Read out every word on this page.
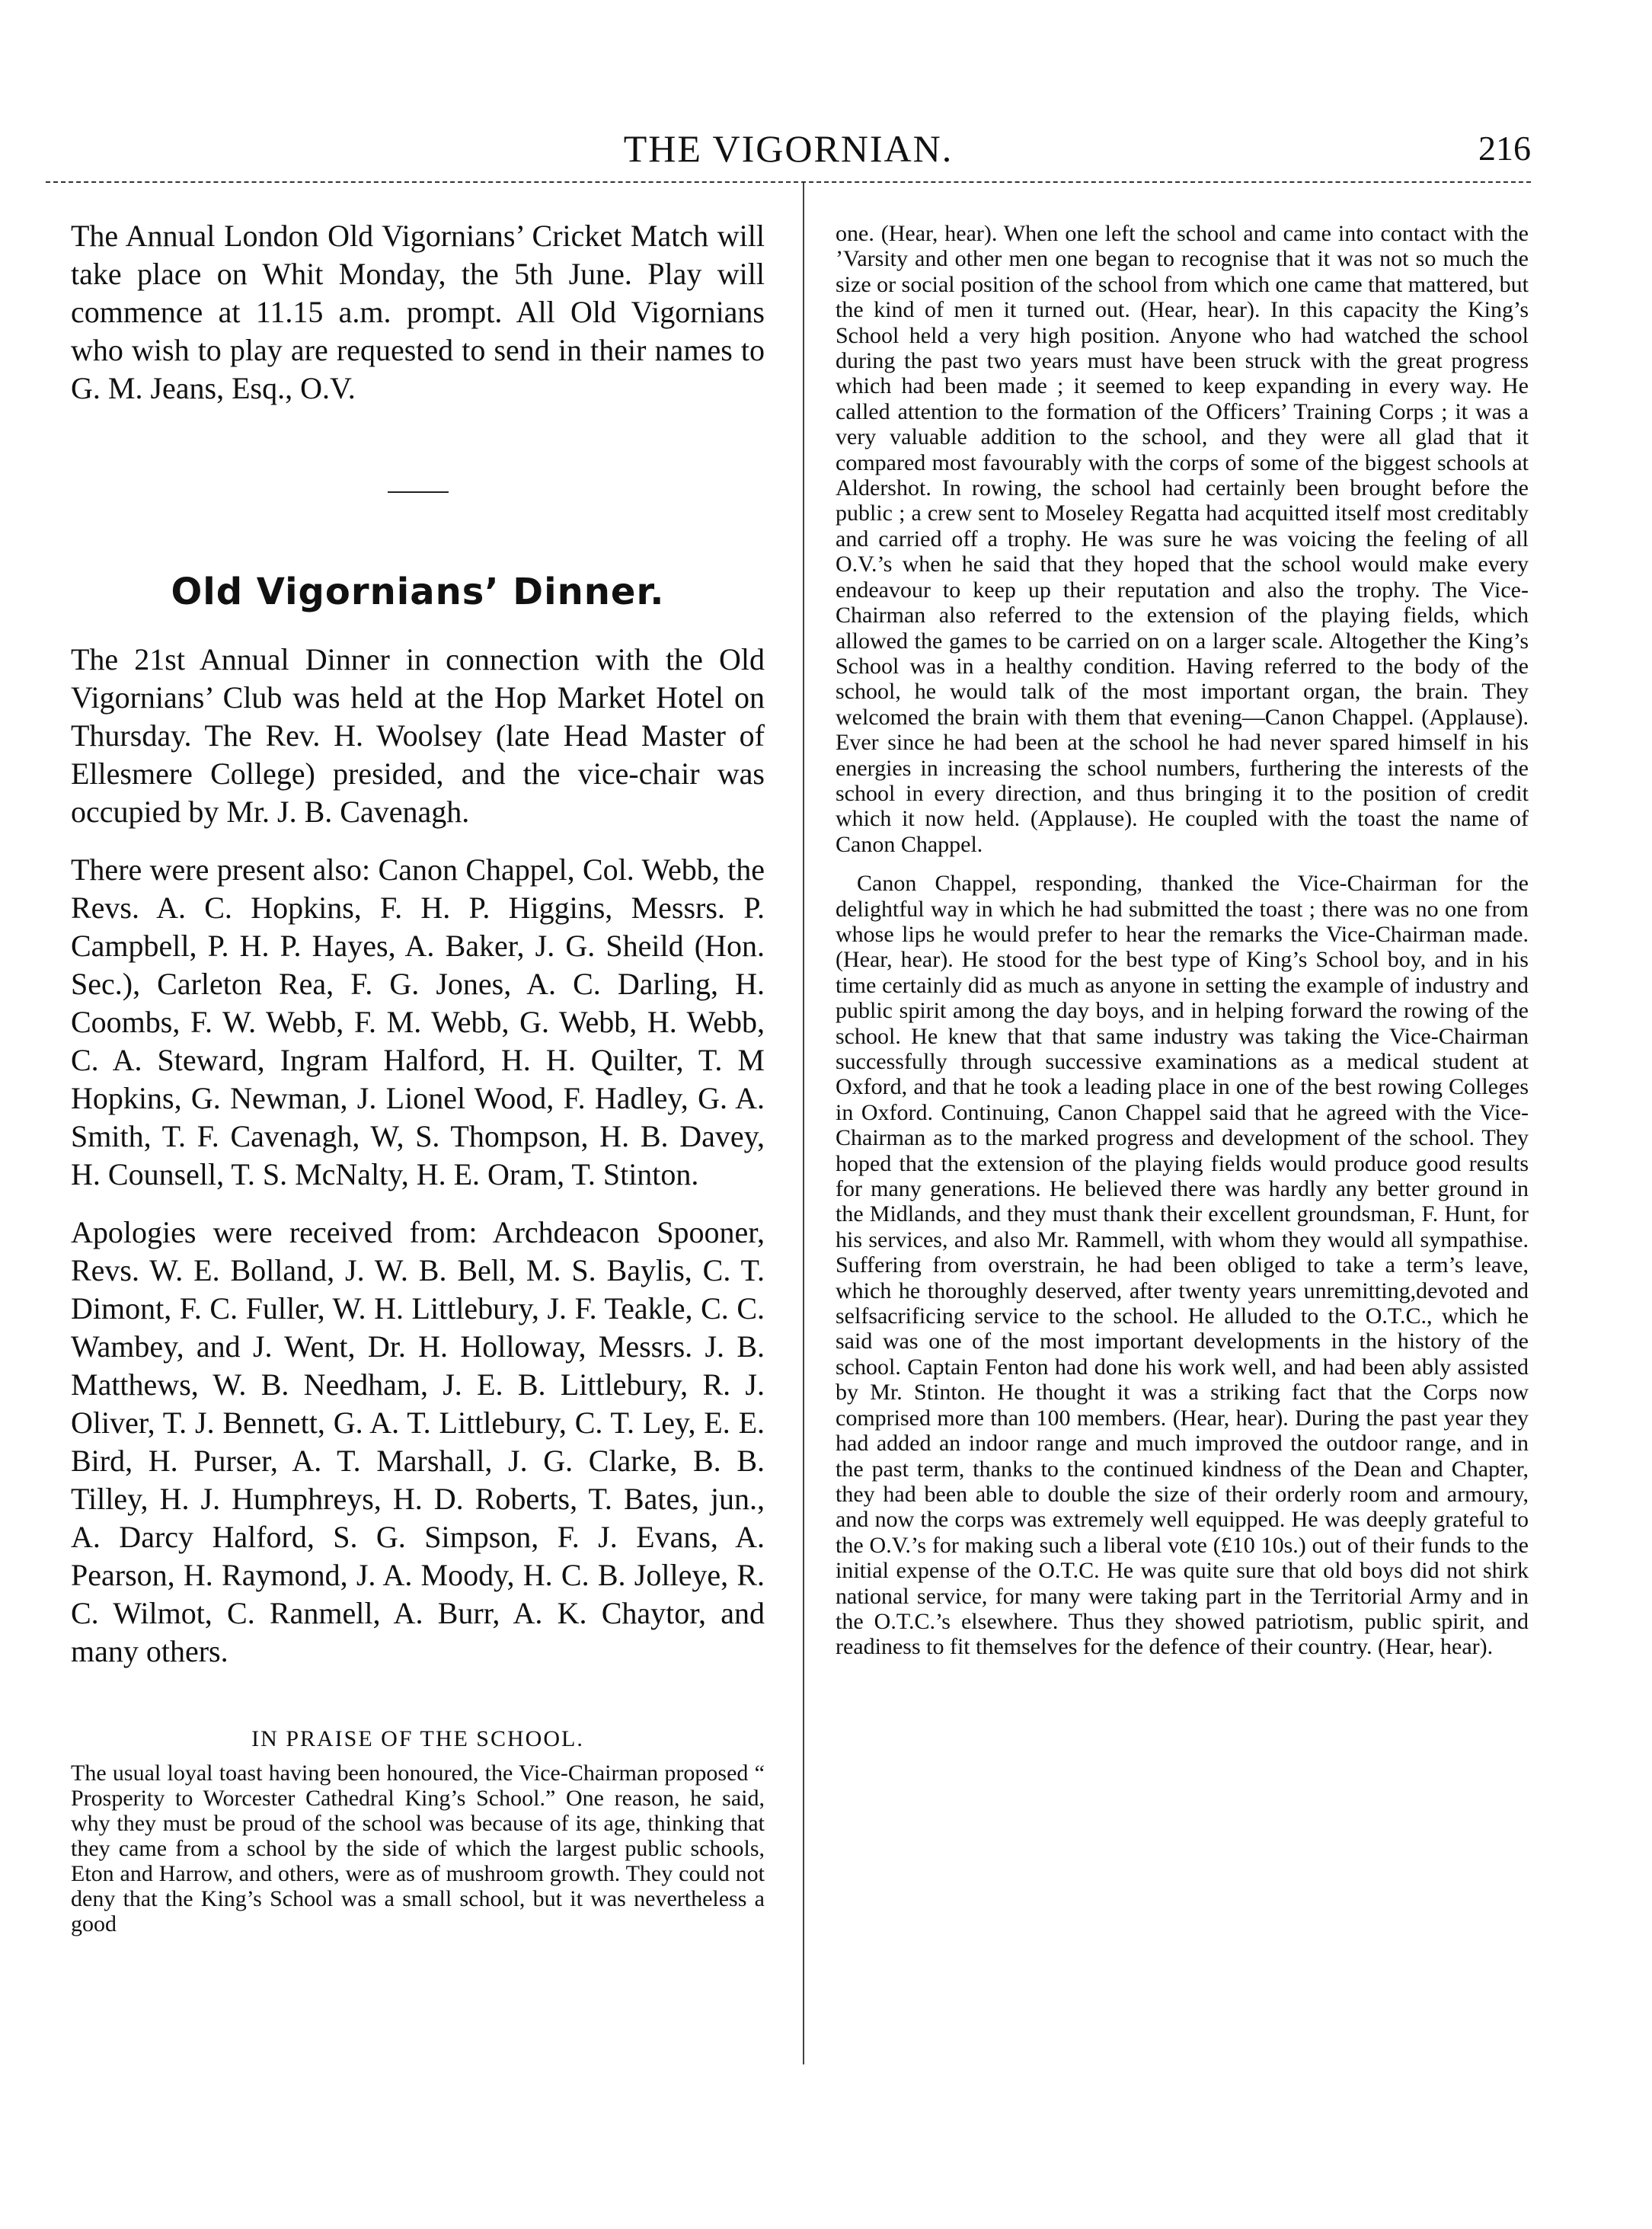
THE VIGORNIAN.	216

The Annual London Old Vigornians’ Cricket Match will take place on Whit Monday, the 5th June. Play will commence at 11.15 a.m. prompt. All Old Vigornians who wish to play are requested to send in their names to G. M. Jeans, Esq., O.V.

Old Vigornians’ Dinner.

The 21st Annual Dinner in connection with the Old Vigornians’ Club was held at the Hop Market Hotel on Thursday. The Rev. H. Woolsey (late Head Master of Ellesmere College) presided, and the vice-chair was occupied by Mr. J. B. Cavenagh.

There were present also: Canon Chappel, Col. Webb, the Revs. A. C. Hopkins, F. H. P. Higgins, Messrs. P. Campbell, P. H. P. Hayes, A. Baker, J. G. Sheild (Hon. Sec.), Carleton Rea, F. G. Jones, A. C. Darling, H. Coombs, F. W. Webb, F. M. Webb, G. Webb, H. Webb, C. A. Steward, Ingram Halford, H. H. Quilter, T. M Hopkins, G. Newman, J. Lionel Wood, F. Hadley, G. A. Smith, T. F. Cavenagh, W, S. Thompson, H. B. Davey, H. Counsell, T. S. McNalty, H. E. Oram, T. Stinton.

Apologies were received from: Archdeacon Spooner, Revs. W. E. Bolland, J. W. B. Bell, M. S. Baylis, C. T. Dimont, F. C. Fuller, W. H. Littlebury, J. F. Teakle, C. C. Wambey, and J. Went, Dr. H. Holloway, Messrs. J. B. Matthews, W. B. Needham, J. E. B. Littlebury, R. J. Oliver, T. J. Bennett, G. A. T. Littlebury, C. T. Ley, E. E. Bird, H. Purser, A. T. Marshall, J. G. Clarke, B. B. Tilley, H. J. Humphreys, H. D. Roberts, T. Bates, jun., A. Darcy Halford, S. G. Simpson, F. J. Evans, A. Pearson, H. Raymond, J. A. Moody, H. C. B. Jolleye, R. C. Wilmot, C. Ranmell, A. Burr, A. K. Chaytor, and many others.

IN PRAISE OF THE SCHOOL.

The usual loyal toast having been honoured, the Vice-Chairman proposed “ Prosperity to Worcester Cathedral King’s School.” One reason, he said, why they must be proud of the school was because of its age, thinking that they came from a school by the side of which the largest public schools, Eton and Harrow, and others, were as of mushroom growth. They could not deny that the King’s School was a small school, but it was nevertheless a good

one. (Hear, hear). When one left the school and came into contact with the ’Varsity and other men one began to recognise that it was not so much the size or social position of the school from which one came that mattered, but the kind of men it turned out. (Hear, hear). In this capacity the King’s School held a very high position. Anyone who had watched the school during the past two years must have been struck with the great progress which had been made ; it seemed to keep expanding in every way. He called attention to the formation of the Officers’ Training Corps ; it was a very valuable addition to the school, and they were all glad that it compared most favourably with the corps of some of the biggest schools at Aldershot. In rowing, the school had certainly been brought before the public ; a crew sent to Moseley Regatta had acquitted itself most creditably and carried off a trophy. He was sure he was voicing the feeling of all O.V.’s when he said that they hoped that the school would make every endeavour to keep up their reputation and also the trophy. The Vice-Chairman also referred to the extension of the playing fields, which allowed the games to be carried on on a larger scale. Altogether the King’s School was in a healthy condition. Having referred to the body of the school, he would talk of the most important organ, the brain. They welcomed the brain with them that evening—Canon Chappel. (Applause). Ever since he had been at the school he had never spared himself in his energies in increasing the school numbers, furthering the interests of the school in every direction, and thus bringing it to the position of credit which it now held. (Applause). He coupled with the toast the name of Canon Chappel.

Canon Chappel, responding, thanked the Vice-Chairman for the delightful way in which he had submitted the toast ; there was no one from whose lips he would prefer to hear the remarks the Vice-Chairman made. (Hear, hear). He stood for the best type of King’s School boy, and in his time certainly did as much as anyone in setting the example of industry and public spirit among the day boys, and in helping forward the rowing of the school. He knew that that same industry was taking the Vice-Chairman successfully through successive examinations as a medical student at Oxford, and that he took a leading place in one of the best rowing Colleges in Oxford. Continuing, Canon Chappel said that he agreed with the Vice-Chairman as to the marked progress and development of the school. They hoped that the extension of the playing fields would produce good results for many generations. He believed there was hardly any better ground in the Midlands, and they must thank their excellent groundsman, F. Hunt, for his services, and also Mr. Rammell, with whom they would all sympathise. Suffering from overstrain, he had been obliged to take a term’s leave, which he thoroughly deserved, after twenty years unremitting,devoted and selfsacrificing service to the school. He alluded to the O.T.C., which he said was one of the most important developments in the history of the school. Captain Fenton had done his work well, and had been ably assisted by Mr. Stinton. He thought it was a striking fact that the Corps now comprised more than 100 members. (Hear, hear). During the past year they had added an indoor range and much improved the outdoor range, and in the past term, thanks to the continued kindness of the Dean and Chapter, they had been able to double the size of their orderly room and armoury, and now the corps was extremely well equipped. He was deeply grateful to the O.V.’s for making such a liberal vote (£10 10s.) out of their funds to the initial expense of the O.T.C. He was quite sure that old boys did not shirk national service, for many were taking part in the Territorial Army and in the O.T.C.’s elsewhere. Thus they showed patriotism, public spirit, and readiness to fit themselves for the defence of their country. (Hear, hear).
